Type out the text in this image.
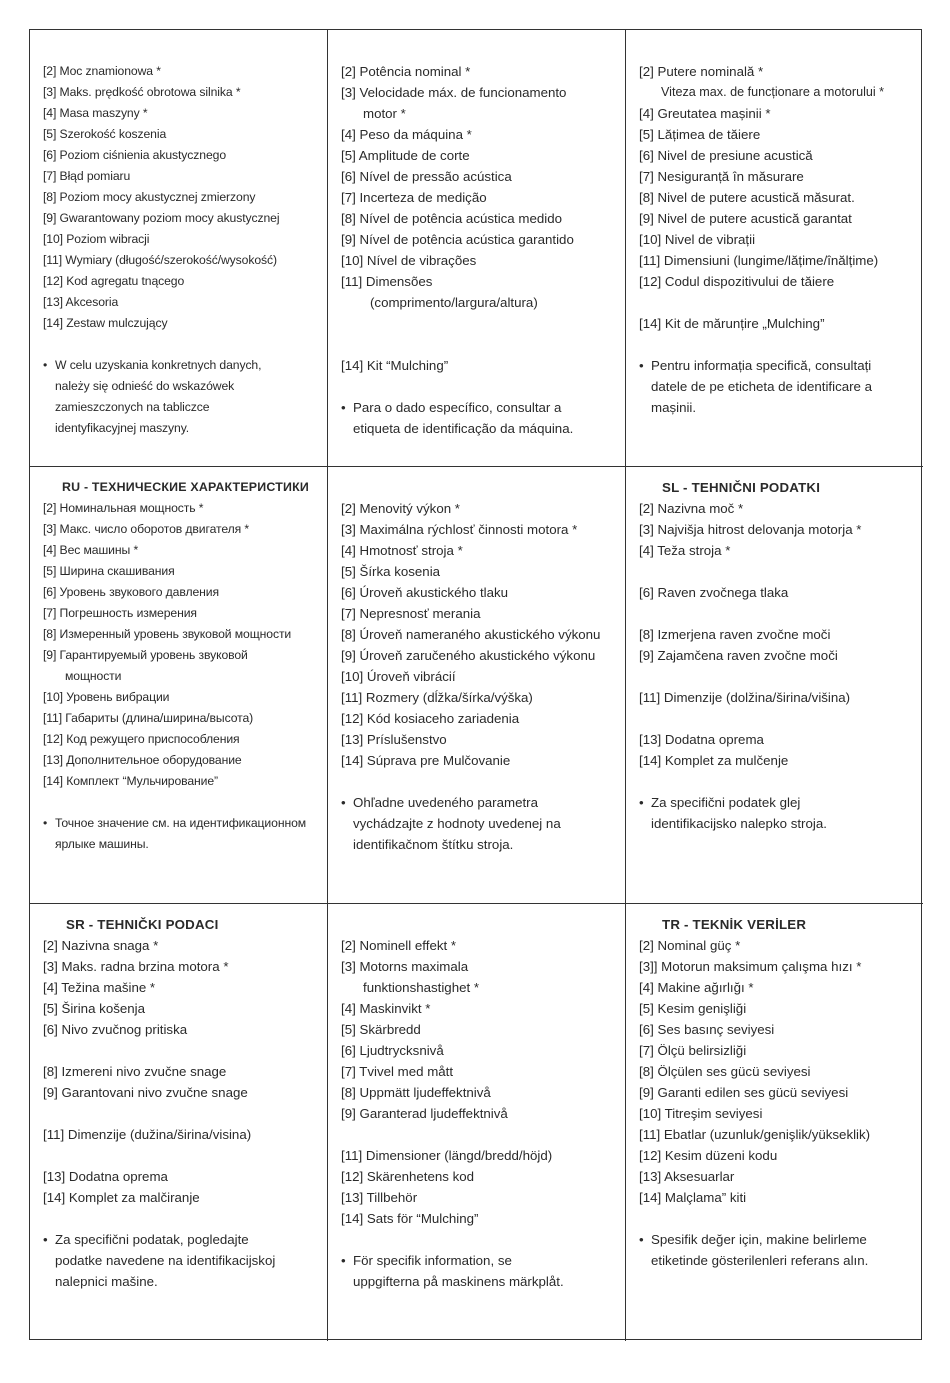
[2] Moc znamionowa *
[3] Maks. prędkość obrotowa silnika *
[4] Masa maszyny *
[5] Szerokość koszenia
[6] Poziom ciśnienia akustycznego
[7] Błąd pomiaru
[8] Poziom mocy akustycznej zmierzony
[9] Gwarantowany poziom mocy akustycznej
[10] Poziom wibracji
[11] Wymiary (długość/szerokość/wysokość)
[12] Kod agregatu tnącego
[13] Akcesoria
[14] Zestaw mulczujący
• W celu uzyskania konkretnych danych,
należy się odnieść do wskazówek
zamieszczonych na tabliczce
identyfikacyjnej maszyny.
[2] Potência nominal *
[3] Velocidade máx. de funcionamento
motor *
[4] Peso da máquina *
[5] Amplitude de corte
[6] Nível de pressão acústica
[7] Incerteza de medição
[8] Nível de potência acústica medido
[9] Nível de potência acústica garantido
[10] Nível de vibrações
[11] Dimensões
(comprimento/largura/altura)
[14] Kit “Mulching”
• Para o dado específico, consultar a
etiqueta de identificação da máquina.
[2] Putere nominală *
Viteza max. de funcționare a motorului *
[4] Greutatea mașinii *
[5] Lățimea de tăiere
[6] Nivel de presiune acustică
[7] Nesiguranță în măsurare
[8] Nivel de putere acustică măsurat.
[9] Nivel de putere acustică garantat
[10] Nivel de vibrații
[11] Dimensiuni (lungime/lățime/înălțime)
[12] Codul dispozitivului de tăiere
[14] Kit de mărunțire „Mulching”
• Pentru informația specifică, consultați
datele de pe eticheta de identificare a
mașinii.
RU - ТЕХНИЧЕСКИЕ ХАРАКТЕРИСТИКИ
[2] Номинальная мощность *
[3] Макс. число оборотов двигателя *
[4] Вес машины *
[5] Ширина скашивания
[6] Уровень звукового давления
[7] Погрешность измерения
[8] Измеренный уровень звуковой мощности
[9] Гарантируемый уровень звуковой
мощности
[10] Уровень вибрации
[11] Габариты (длина/ширина/высота)
[12] Код режущего приспособления
[13] Дополнительное оборудование
[14] Комплект “Мульчирование”
• Точное значение см. на идентификационном
ярлыке машины.
[2] Menovitý výkon *
[3] Maximálna rýchlosť činnosti motora *
[4] Hmotnosť stroja *
[5] Šírka kosenia
[6] Úroveň akustického tlaku
[7] Nepresnosť merania
[8] Úroveň nameraného akustického výkonu
[9] Úroveň zaručeného akustického výkonu
[10] Úroveň vibrácií
[11] Rozmery (dĺžka/šírka/výška)
[12] Kód kosiaceho zariadenia
[13] Príslušenstvo
[14] Súprava pre Mulčovanie
• Ohľadne uvedeného parametra
vychádzajte z hodnoty uvedenej na
identifikačnom štítku stroja.
SL - TEHNIČNI PODATKI
[2] Nazivna moč *
[3] Najvišja hitrost delovanja motorja *
[4] Teža stroja *
[6] Raven zvočnega tlaka
[8] Izmerjena raven zvočne moči
[9] Zajamčena raven zvočne moči
[11] Dimenzije (dolžina/širina/višina)
[13] Dodatna oprema
[14] Komplet za mulčenje
• Za specifični podatek glej
identifikacijsko nalepko stroja.
SR - TEHNIČKI PODACI
[2] Nazivna snaga *
[3] Maks. radna brzina motora *
[4] Težina mašine *
[5] Širina košenja
[6] Nivo zvučnog pritiska
[8] Izmereni nivo zvučne snage
[9] Garantovani nivo zvučne snage
[11] Dimenzije (dužina/širina/visina)
[13] Dodatna oprema
[14] Komplet za malčiranje
• Za specifični podatak, pogledajte
podatke navedene na identifikacijskoj
nalepnici mašine.
[2] Nominell effekt *
[3] Motorns maximala
funktionshastighet *
[4] Maskinvikt *
[5] Skärbredd
[6] Ljudtrycksnivå
[7] Tvivel med mått
[8] Uppmätt ljudeffektnivå
[9] Garanterad ljudeffektnivå
[11] Dimensioner (längd/bredd/höjd)
[12] Skärenhetens kod
[13] Tillbehör
[14] Sats för “Mulching”
• För specifik information, se
uppgifterna på maskinens märkplåt.
TR - TEKNİK VERİLER
[2] Nominal güç *
[3]] Motorun maksimum çalışma hızı *
[4] Makine ağırlığı *
[5] Kesim genişliği
[6] Ses basınç seviyesi
[7] Ölçü belirsizliği
[8] Ölçülen ses gücü seviyesi
[9] Garanti edilen ses gücü seviyesi
[10] Titreşim seviyesi
[11] Ebatlar (uzunluk/genişlik/yükseklik)
[12] Kesim düzeni kodu
[13] Aksesuarlar
[14] Malçlama” kiti
• Spesifik değer için, makine belirleme
etiketinde gösterilenleri referans alın.
